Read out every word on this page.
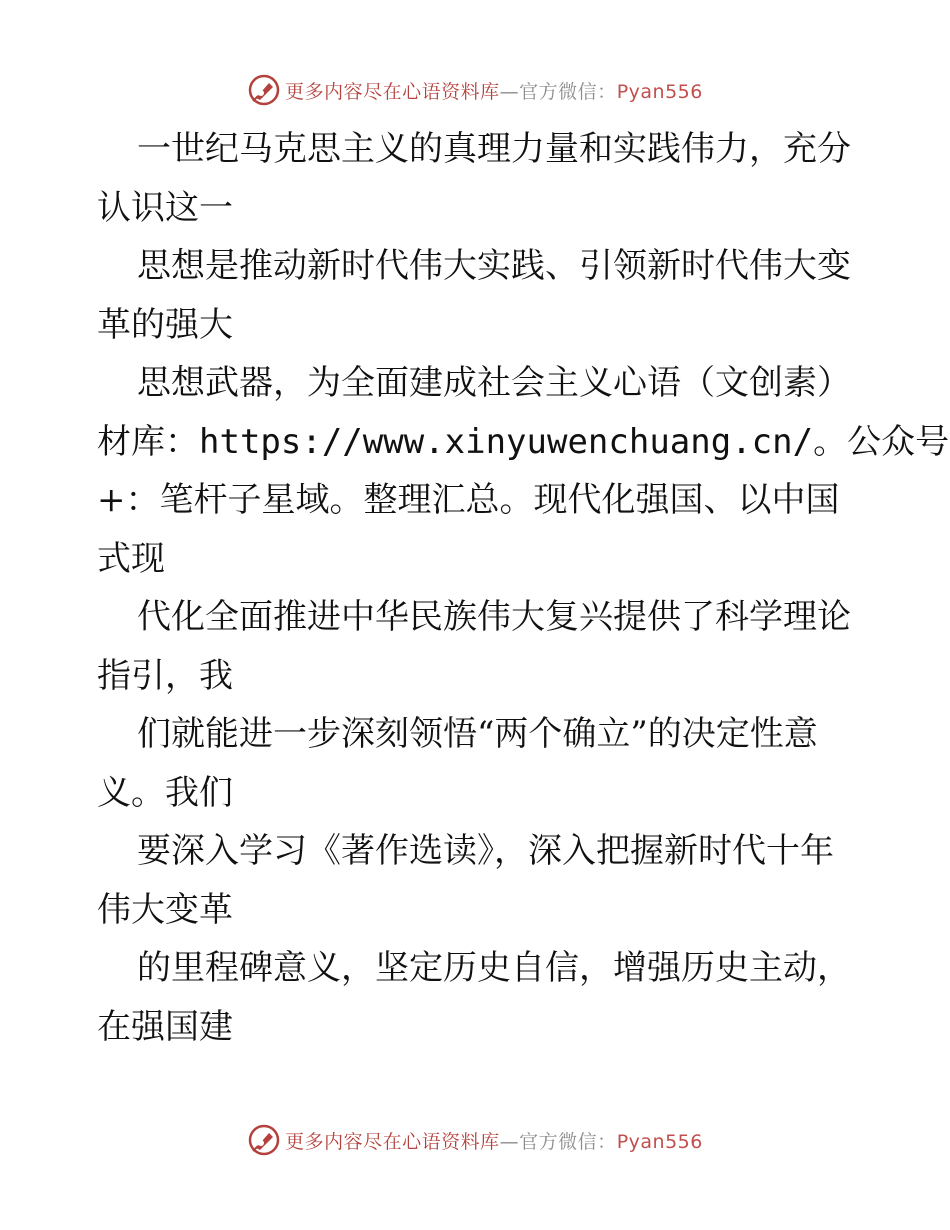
更多内容尽在心语资料库—官方微信：Pyan556
一世纪马克思主义的真理力量和实践伟力，充分
认识这一
思想是推动新时代伟大实践、引领新时代伟大变
革的强大
思想武器，为全面建成社会主义心语（文创素）
材库：https://www.xinyuwenchuang.cn/。公众号
+：笔杆子星域。整理汇总。现代化强国、以中国
式现
代化全面推进中华民族伟大复兴提供了科学理论
指引，我
们就能进一步深刻领悟“两个确立”的决定性意
义。我们
要深入学习《著作选读》，深入把握新时代十年
伟大变革
的里程碑意义，坚定历史自信，增强历史主动，
在强国建
更多内容尽在心语资料库—官方微信：Pyan556
